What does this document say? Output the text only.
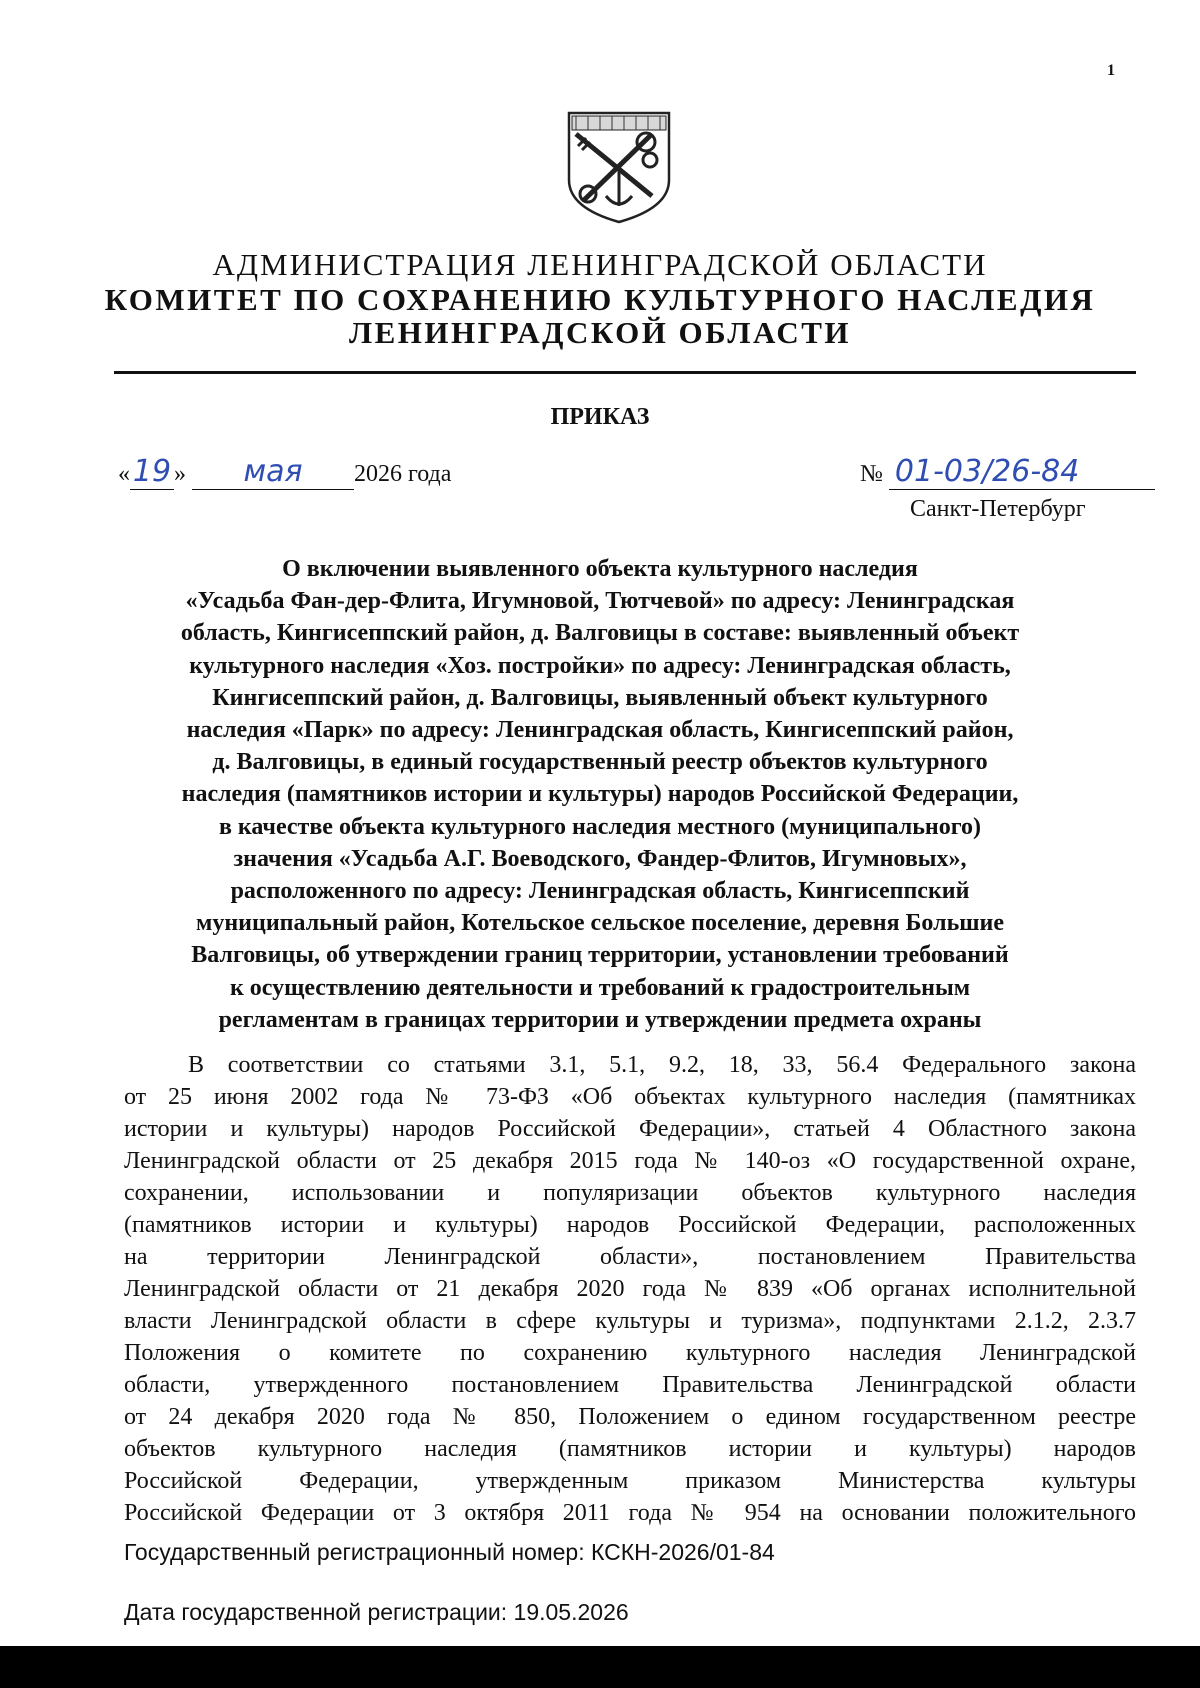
1

АДМИНИСТРАЦИЯ ЛЕНИНГРАДСКОЙ ОБЛАСТИ

КОМИТЕТ ПО СОХРАНЕНИЮ КУЛЬТУРНОГО НАСЛЕДИЯ

ЛЕНИНГРАДСКОЙ ОБЛАСТИ

ПРИКАЗ
«19 » мая 2026 года	№ 01-03/26-84
Санкт-Петербург
О включении выявленного объекта культурного наследия
«Усадьба Фан-дер-Флита, Игумновой, Тютчевой» по адресу: Ленинградская
область, Кингисеппский район, д. Валговицы в составе: выявленный объект
культурного наследия «Хоз. постройки» по адресу: Ленинградская область,
Кингисеппский район, д. Валговицы, выявленный объект культурного
наследия «Парк» по адресу: Ленинградская область, Кингисеппский район,
д. Валговицы, в единый государственный реестр объектов культурного
наследия (памятников истории и культуры) народов Российской Федерации,
в качестве объекта культурного наследия местного (муниципального)
значения «Усадьба А.Г. Воеводского, Фандер-Флитов, Игумновых»,
расположенного по адресу: Ленинградская область, Кингисеппский
муниципальный район, Котельское сельское поселение, деревня Большие
Валговицы, об утверждении границ территории, установлении требований
к осуществлению деятельности и требований к градостроительным
регламентам в границах территории и утверждении предмета охраны
В соответствии со статьями 3.1, 5.1, 9.2, 18, 33, 56.4 Федерального закона
от 25 июня 2002 года № 73-ФЗ «Об объектах культурного наследия (памятниках
истории и культуры) народов Российской Федерации», статьей 4 Областного закона
Ленинградской области от 25 декабря 2015 года № 140-оз «О государственной охране,
сохранении, использовании и популяризации объектов культурного наследия
(памятников истории и культуры) народов Российской Федерации, расположенных
на территории Ленинградской области», постановлением Правительства
Ленинградской области от 21 декабря 2020 года № 839 «Об органах исполнительной
власти Ленинградской области в сфере культуры и туризма», подпунктами 2.1.2, 2.3.7
Положения о комитете по сохранению культурного наследия Ленинградской
области, утвержденного постановлением Правительства Ленинградской области
от 24 декабря 2020 года № 850, Положением о едином государственном реестре
объектов культурного наследия (памятников истории и культуры) народов
Российской Федерации, утвержденным приказом Министерства культуры
Российской Федерации от 3 октября 2011 года № 954 на основании положительного
Государственный регистрационный номер: КСКН-2026/01-84
Дата государственной регистрации: 19.05.2026
